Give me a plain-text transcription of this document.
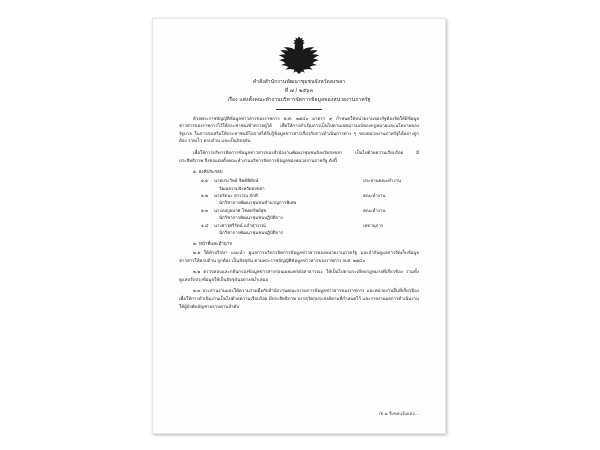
คำสั่งสำนักงานพัฒนาชุมชนจังหวัดสงขลา
ที่ ๗ / ๒๕๖๓
เรื่อง แต่งตั้งคณะทำงานบริหารจัดการข้อมูลของหน่วยงานภาครัฐ

ด้วยพระราชบัญญัติข้อมูลข่าวสารของราชการ พ.ศ. ๒๕๔๐ มาตรา ๙ กำหนดให้หน่วยงานของรัฐต้องจัดให้มีข้อมูลข่าวสารของราชการไว้ให้ประชาชนเข้าตรวจดูได้ เพื่อให้การดำเนินการเป็นไปตามเจตนารมณ์ของกฎหมายและนโยบายของรัฐบาล ในการส่งเสริมให้ประชาชนมีโอกาสได้รับรู้ข้อมูลข่าวสารเกี่ยวกับการดำเนินการต่าง ๆ ของหน่วยงานภาครัฐได้อย่างถูกต้อง รวดเร็ว ครบถ้วน และเป็นปัจจุบัน

เพื่อให้การบริหารจัดการข้อมูลข่าวสารของสำนักงานพัฒนาชุมชนจังหวัดสงขลา เป็นไปด้วยความเรียบร้อย มีประสิทธิภาพ จึงขอแต่งตั้งคณะทำงานบริหารจัดการข้อมูลของหน่วยงานภาครัฐ ดังนี้

๑. องค์ประกอบ
๑.๑	นายประวิทย์ จิตต์พิทักษ์
วัฒนธรรมจังหวัดสงขลา
ประธานคณะทำงาน
๑.๒	นายรัตนะ สุวรรณ ภักดี
นักวิชาการพัฒนาชุมชนชำนาญการพิเศษ
คณะทำงาน
๑.๓	นางเบญจมาศ โชคทรัพย์สุข
นักวิชาการพัฒนาชุมชนปฏิบัติการ
คณะทำงาน
๑.๔	นางสาวศรีรัตน์ แก้วสุวรรณ์
นักวิชาการพัฒนาชุมชนปฏิบัติการ
เลขานุการ
๒. หน้าที่และอำนาจ

๒.๑ ให้คำปรึกษา แนะนำ ดูแลการบริหารจัดการข้อมูลข่าวสารของหน่วยงานภาครัฐ และกำกับดูแลการจัดเก็บข้อมูลข่าวสารให้ครบถ้วน ถูกต้อง เป็นปัจจุบัน ตามพระราชบัญญัติข้อมูลข่าวสารของราชการ พ.ศ. ๒๕๔๐

๒.๒ ตรวจสอบและกลั่นกรองข้อมูลข่าวสารก่อนเผยแพร่ต่อสาธารณะ ให้เป็นไปตามระเบียบกฎหมายที่เกี่ยวข้อง รวมทั้งดูแลปรับปรุงข้อมูลให้เป็นปัจจุบันอย่างสม่ำเสมอ

๒.๓ ประสานงานและให้ความร่วมมือกับสำนักงานคณะกรรมการข้อมูลข่าวสารของราชการ และหน่วยงานอื่นที่เกี่ยวข้อง เพื่อให้การดำเนินงานเป็นไปด้วยความเรียบร้อย มีประสิทธิภาพ บรรลุวัตถุประสงค์ตามที่กำหนดไว้ และรายงานผลการดำเนินงานให้ผู้บังคับบัญชาทราบตามลำดับ

/ต.๒ จึงขอแจ้งแต่ง...
